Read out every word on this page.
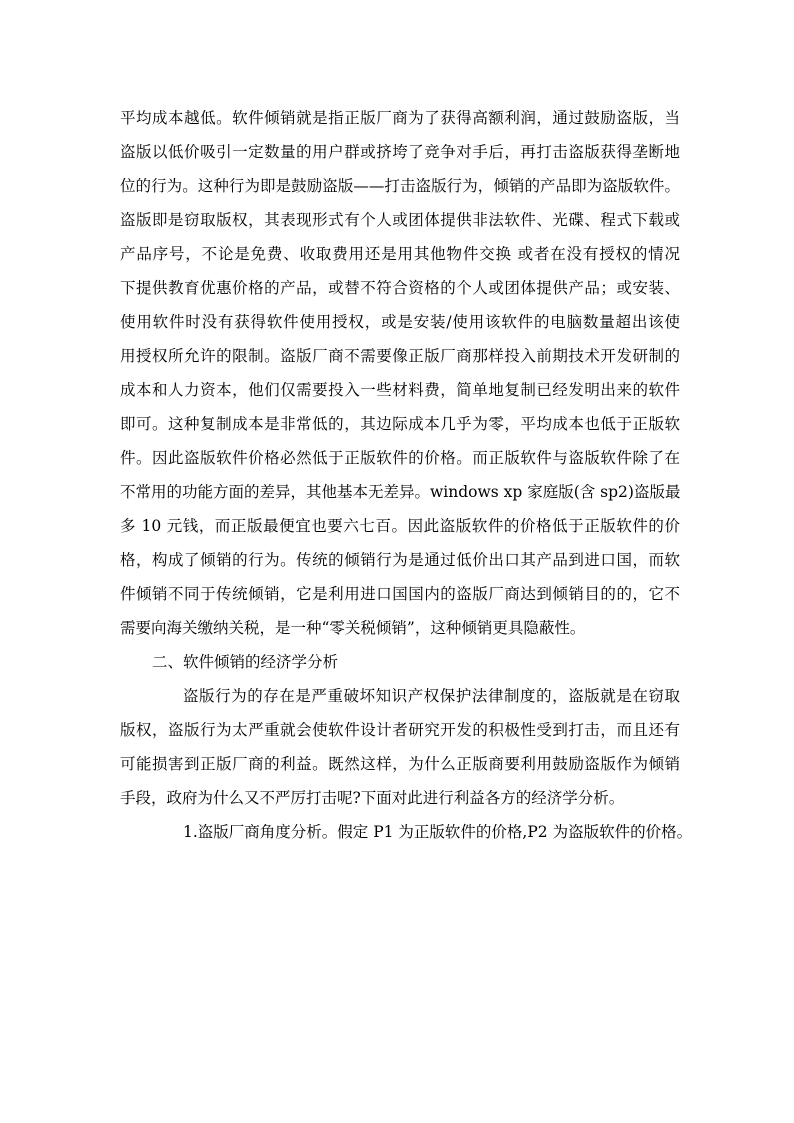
平均成本越低。软件倾销就是指正版厂商为了获得高额利润，通过鼓励盗版，当
盗版以低价吸引一定数量的用户群或挤垮了竞争对手后，再打击盗版获得垄断地
位的行为。这种行为即是鼓励盗版——打击盗版行为，倾销的产品即为盗版软件。
盗版即是窃取版权，其表现形式有个人或团体提供非法软件、光碟、程式下载或
产品序号，不论是免费、收取费用还是用其他物件交换 或者在没有授权的情况
下提供教育优惠价格的产品，或替不符合资格的个人或团体提供产品；或安装、
使用软件时没有获得软件使用授权，或是安装/使用该软件的电脑数量超出该使
用授权所允许的限制。盗版厂商不需要像正版厂商那样投入前期技术开发研制的
成本和人力资本，他们仅需要投入一些材料费，简单地复制已经发明出来的软件
即可。这种复制成本是非常低的，其边际成本几乎为零，平均成本也低于正版软
件。因此盗版软件价格必然低于正版软件的价格。而正版软件与盗版软件除了在
不常用的功能方面的差异，其他基本无差异。windows xp 家庭版(含 sp2)盗版最
多 10 元钱，而正版最便宜也要六七百。因此盗版软件的价格低于正版软件的价
格，构成了倾销的行为。传统的倾销行为是通过低价出口其产品到进口国，而软
件倾销不同于传统倾销，它是利用进口国国内的盗版厂商达到倾销目的的，它不
需要向海关缴纳关税，是一种“零关税倾销”，这种倾销更具隐蔽性。
二、软件倾销的经济学分析
盗版行为的存在是严重破坏知识产权保护法律制度的，盗版就是在窃取
版权，盗版行为太严重就会使软件设计者研究开发的积极性受到打击，而且还有
可能损害到正版厂商的利益。既然这样，为什么正版商要利用鼓励盗版作为倾销
手段，政府为什么又不严厉打击呢?下面对此进行利益各方的经济学分析。
1.盗版厂商角度分析。假定 P1 为正版软件的价格,P2 为盗版软件的价格。
